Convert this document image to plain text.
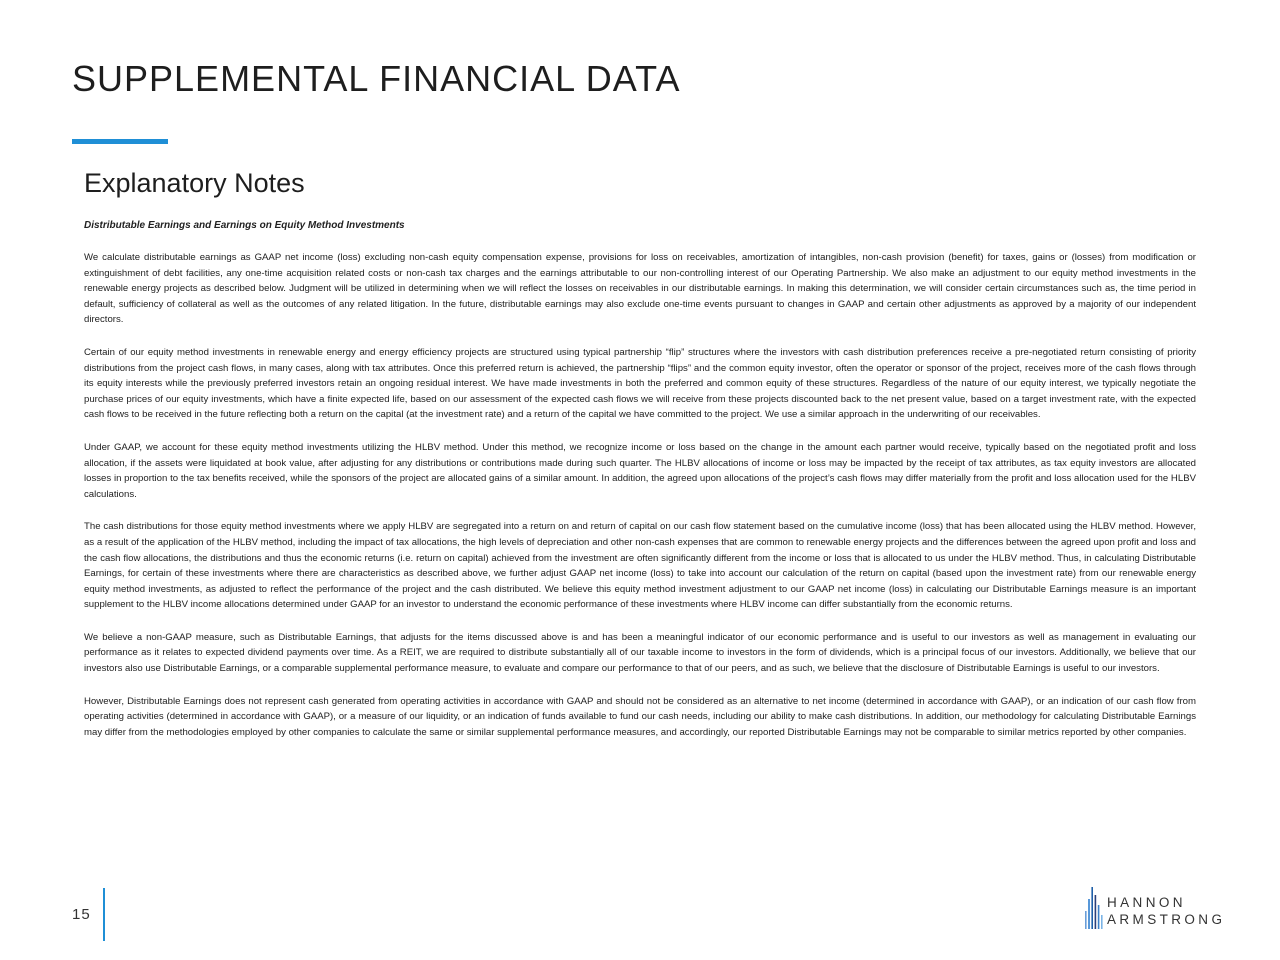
SUPPLEMENTAL FINANCIAL DATA
Explanatory Notes
Distributable Earnings and Earnings on Equity Method Investments

We calculate distributable earnings as GAAP net income (loss) excluding non-cash equity compensation expense, provisions for loss on receivables, amortization of intangibles, non-cash provision (benefit) for taxes, gains or (losses) from modification or extinguishment of debt facilities, any one-time acquisition related costs or non-cash tax charges and the earnings attributable to our non-controlling interest of our Operating Partnership. We also make an adjustment to our equity method investments in the renewable energy projects as described below. Judgment will be utilized in determining when we will reflect the losses on receivables in our distributable earnings. In making this determination, we will consider certain circumstances such as, the time period in default, sufficiency of collateral as well as the outcomes of any related litigation. In the future, distributable earnings may also exclude one-time events pursuant to changes in GAAP and certain other adjustments as approved by a majority of our independent directors.

Certain of our equity method investments in renewable energy and energy efficiency projects are structured using typical partnership “flip” structures where the investors with cash distribution preferences receive a pre-negotiated return consisting of priority distributions from the project cash flows, in many cases, along with tax attributes. Once this preferred return is achieved, the partnership “flips” and the common equity investor, often the operator or sponsor of the project, receives more of the cash flows through its equity interests while the previously preferred investors retain an ongoing residual interest. We have made investments in both the preferred and common equity of these structures. Regardless of the nature of our equity interest, we typically negotiate the purchase prices of our equity investments, which have a finite expected life, based on our assessment of the expected cash flows we will receive from these projects discounted back to the net present value, based on a target investment rate, with the expected cash flows to be received in the future reflecting both a return on the capital (at the investment rate) and a return of the capital we have committed to the project. We use a similar approach in the underwriting of our receivables.

Under GAAP, we account for these equity method investments utilizing the HLBV method. Under this method, we recognize income or loss based on the change in the amount each partner would receive, typically based on the negotiated profit and loss allocation, if the assets were liquidated at book value, after adjusting for any distributions or contributions made during such quarter. The HLBV allocations of income or loss may be impacted by the receipt of tax attributes, as tax equity investors are allocated losses in proportion to the tax benefits received, while the sponsors of the project are allocated gains of a similar amount. In addition, the agreed upon allocations of the project’s cash flows may differ materially from the profit and loss allocation used for the HLBV calculations.

The cash distributions for those equity method investments where we apply HLBV are segregated into a return on and return of capital on our cash flow statement based on the cumulative income (loss) that has been allocated using the HLBV method. However, as a result of the application of the HLBV method, including the impact of tax allocations, the high levels of depreciation and other non-cash expenses that are common to renewable energy projects and the differences between the agreed upon profit and loss and the cash flow allocations, the distributions and thus the economic returns (i.e. return on capital) achieved from the investment are often significantly different from the income or loss that is allocated to us under the HLBV method. Thus, in calculating Distributable Earnings, for certain of these investments where there are characteristics as described above, we further adjust GAAP net income (loss) to take into account our calculation of the return on capital (based upon the investment rate) from our renewable energy equity method investments, as adjusted to reflect the performance of the project and the cash distributed. We believe this equity method investment adjustment to our GAAP net income (loss) in calculating our Distributable Earnings measure is an important supplement to the HLBV income allocations determined under GAAP for an investor to understand the economic performance of these investments where HLBV income can differ substantially from the economic returns.

We believe a non-GAAP measure, such as Distributable Earnings, that adjusts for the items discussed above is and has been a meaningful indicator of our economic performance and is useful to our investors as well as management in evaluating our performance as it relates to expected dividend payments over time. As a REIT, we are required to distribute substantially all of our taxable income to investors in the form of dividends, which is a principal focus of our investors. Additionally, we believe that our investors also use Distributable Earnings, or a comparable supplemental performance measure, to evaluate and compare our performance to that of our peers, and as such, we believe that the disclosure of Distributable Earnings is useful to our investors.

However, Distributable Earnings does not represent cash generated from operating activities in accordance with GAAP and should not be considered as an alternative to net income (determined in accordance with GAAP), or an indication of our cash flow from operating activities (determined in accordance with GAAP), or a measure of our liquidity, or an indication of funds available to fund our cash needs, including our ability to make cash distributions. In addition, our methodology for calculating Distributable Earnings may differ from the methodologies employed by other companies to calculate the same or similar supplemental performance measures, and accordingly, our reported Distributable Earnings may not be comparable to similar metrics reported by other companies.

15
HANNON
ARMSTRONG
